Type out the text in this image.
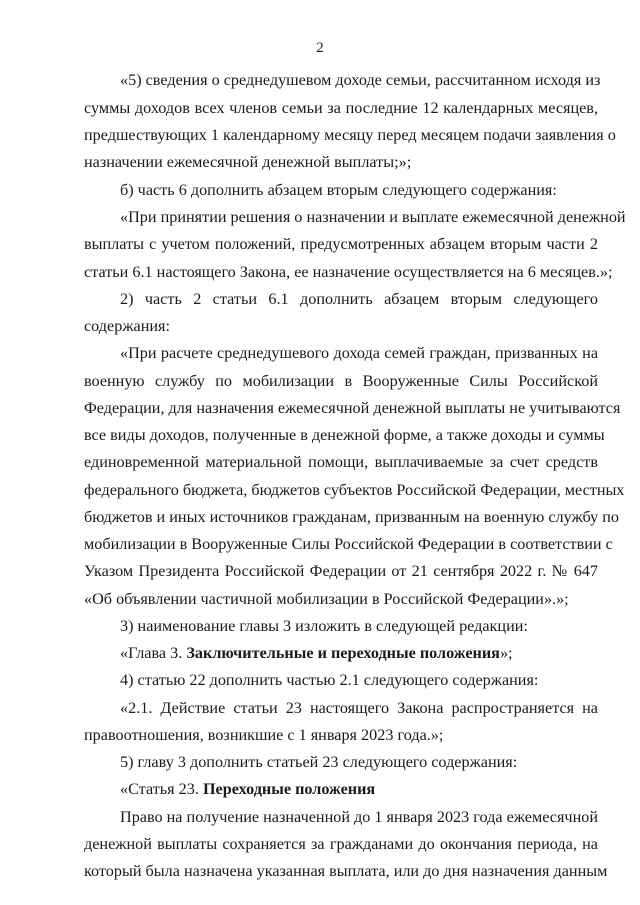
2
«5) сведения о среднедушевом доходе семьи, рассчитанном исходя из
суммы доходов всех членов семьи за последние 12 календарных месяцев,
предшествующих 1 календарному месяцу перед месяцем подачи заявления о
назначении ежемесячной денежной выплаты;»;
б) часть 6 дополнить абзацем вторым следующего содержания:
«При принятии решения о назначении и выплате ежемесячной денежной
выплаты с учетом положений, предусмотренных абзацем вторым части 2
статьи 6.1 настоящего Закона, ее назначение осуществляется на 6 месяцев.»;
2) часть 2 статьи 6.1 дополнить абзацем вторым следующего
содержания:
«При расчете среднедушевого дохода семей граждан, призванных на
военную службу по мобилизации в Вооруженные Силы Российской
Федерации, для назначения ежемесячной денежной выплаты не учитываются
все виды доходов, полученные в денежной форме, а также доходы и суммы
единовременной материальной помощи, выплачиваемые за счет средств
федерального бюджета, бюджетов субъектов Российской Федерации, местных
бюджетов и иных источников гражданам, призванным на военную службу по
мобилизации в Вооруженные Силы Российской Федерации в соответствии с
Указом Президента Российской Федерации от 21 сентября 2022 г. № 647
«Об объявлении частичной мобилизации в Российской Федерации».»;
3) наименование главы 3 изложить в следующей редакции:
«Глава 3. Заключительные и переходные положения»;
4) статью 22 дополнить частью 2.1 следующего содержания:
«2.1. Действие статьи 23 настоящего Закона распространяется на
правоотношения, возникшие с 1 января 2023 года.»;
5) главу 3 дополнить статьей 23 следующего содержания:
«Статья 23. Переходные положения
Право на получение назначенной до 1 января 2023 года ежемесячной
денежной выплаты сохраняется за гражданами до окончания периода, на
который была назначена указанная выплата, или до дня назначения данным
